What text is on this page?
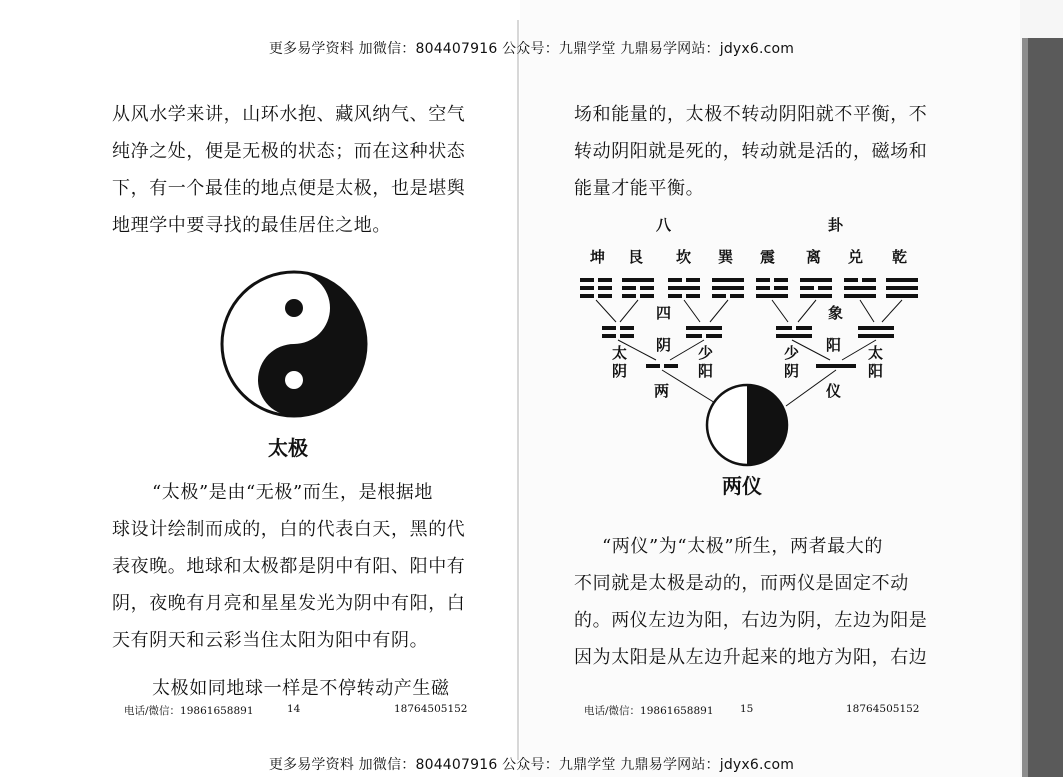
更多易学资料 加微信：804407916 公众号：九鼎学堂 九鼎易学网站：jdyx6.com
更多易学资料 加微信：804407916 公众号：九鼎学堂 九鼎易学网站：jdyx6.com
从风水学来讲，山环水抱、藏风纳气、空气
纯净之处，便是无极的状态；而在这种状态
下，有一个最佳的地点便是太极，也是堪舆
地理学中要寻找的最佳居住之地。
太极
“太极”是由“无极”而生，是根据地
球设计绘制而成的，白的代表白天，黑的代
表夜晚。地球和太极都是阴中有阳、阳中有
阴，夜晚有月亮和星星发光为阴中有阳，白
天有阴天和云彩当住太阳为阳中有阴。
太极如同地球一样是不停转动产生磁
电话/微信：19861658891	14	18764505152
场和能量的，太极不转动阴阳就不平衡，不
转动阴阳就是死的，转动就是活的，磁场和
能量才能平衡。
八	卦
坤 艮 坎 巽 震 离 兑 乾
四	象
太
阴
阴 少
阳
两
少
阴
阳 太
阳
仪
两仪
“两仪”为“太极”所生，两者最大的
不同就是太极是动的，而两仪是固定不动
的。两仪左边为阳，右边为阴，左边为阳是
因为太阳是从左边升起来的地方为阳，右边
电话/微信：19861658891	15	18764505152
